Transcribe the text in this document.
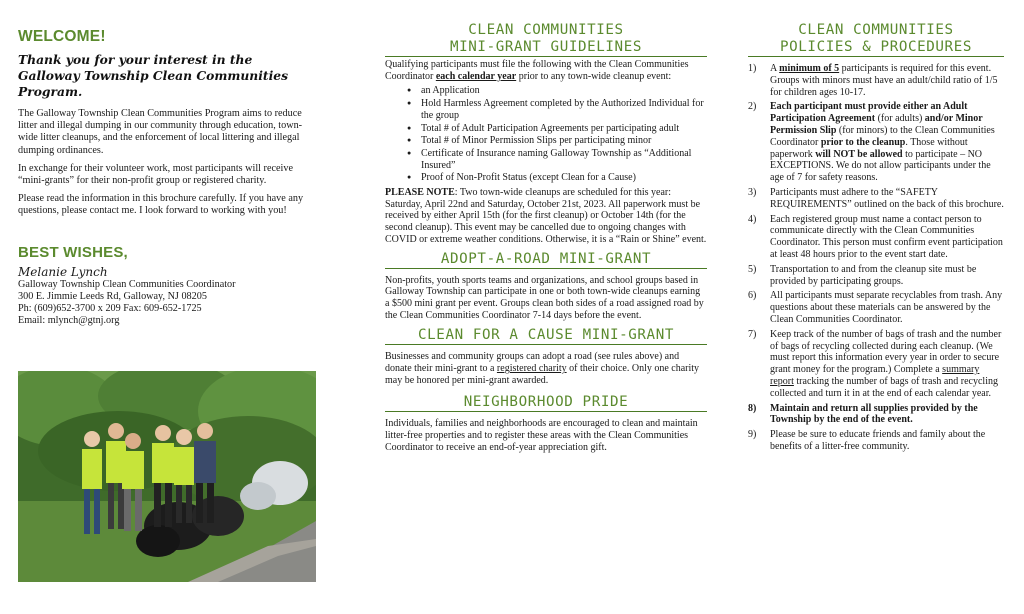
WELCOME!
Thank you for your interest in the Galloway Township Clean Communities Program.

The Galloway Township Clean Communities Program aims to reduce litter and illegal dumping in our community through education, town-wide litter cleanups, and the enforcement of local littering and illegal dumping ordinances.

In exchange for their volunteer work, most participants will receive “mini-grants” for their non-profit group or registered charity.

Please read the information in this brochure carefully. If you have any questions, please contact me. I look forward to working with you!

BEST WISHES,
Melanie Lynch
Galloway Township Clean Communities Coordinator
300 E. Jimmie Leeds Rd, Galloway, NJ 08205
Ph: (609)652-3700 x 209 Fax: 609-652-1725
Email: mlynch@gtnj.org
CLEAN COMMUNITIES
MINI-GRANT GUIDELINES

Qualifying participants must file the following with the Clean Communities Coordinator each calendar year prior to any town-wide cleanup event:

● an Application
● Hold Harmless Agreement completed by the Authorized Individual for the group
● Total # of Adult Participation Agreements per participating adult
● Total # of Minor Permission Slips per participating minor
● Certificate of Insurance naming Galloway Township as “Additional Insured”
● Proof of Non-Profit Status (except Clean for a Cause)

PLEASE NOTE: Two town-wide cleanups are scheduled for this year: Saturday, April 22nd and Saturday, October 21st, 2023. All paperwork must be received by either April 15th (for the first cleanup) or October 14th (for the second cleanup). This event may be cancelled due to ongoing changes with COVID or extreme weather conditions. Otherwise, it is a “Rain or Shine” event.

ADOPT-A-ROAD MINI-GRANT

Non-profits, youth sports teams and organizations, and school groups based in Galloway Township can participate in one or both town-wide cleanups earning a $500 mini grant per event. Groups clean both sides of a road assigned road by the Clean Communities Coordinator 7-14 days before the event.

CLEAN FOR A CAUSE MINI-GRANT

Businesses and community groups can adopt a road (see rules above) and donate their mini-grant to a registered charity of their choice. Only one charity may be honored per mini-grant awarded.

NEIGHBORHOOD PRIDE

Individuals, families and neighborhoods are encouraged to clean and maintain litter-free properties and to register these areas with the Clean Communities Coordinator to receive an end-of-year appreciation gift.

CLEAN COMMUNITIES
POLICIES & PROCEDURES
1) A minimum of 5 participants is required for this event. Groups with minors must have an adult/child ratio of 1/5 for children ages 10-17.
2) Each participant must provide either an Adult Participation Agreement (for adults) and/or Minor Permission Slip (for minors) to the Clean Communities Coordinator prior to the cleanup. Those without paperwork will NOT be allowed to participate – NO EXCEPTIONS. We do not allow participants under the age of 7 for safety reasons.
3) Participants must adhere to the “SAFETY REQUIREMENTS” outlined on the back of this brochure.
4) Each registered group must name a contact person to communicate directly with the Clean Communities Coordinator. This person must confirm event participation at least 48 hours prior to the event start date.
5) Transportation to and from the cleanup site must be provided by participating groups.
6) All participants must separate recyclables from trash. Any questions about these materials can be answered by the Clean Communities Coordinator.
7) Keep track of the number of bags of trash and the number of bags of recycling collected during each cleanup. (We must report this information every year in order to secure grant money for the program.) Complete a summary report tracking the number of bags of trash and recycling collected and turn it in at the end of each calendar year.
8) Maintain and return all supplies provided by the Township by the end of the event.
9) Please be sure to educate friends and family about the benefits of a litter-free community.
